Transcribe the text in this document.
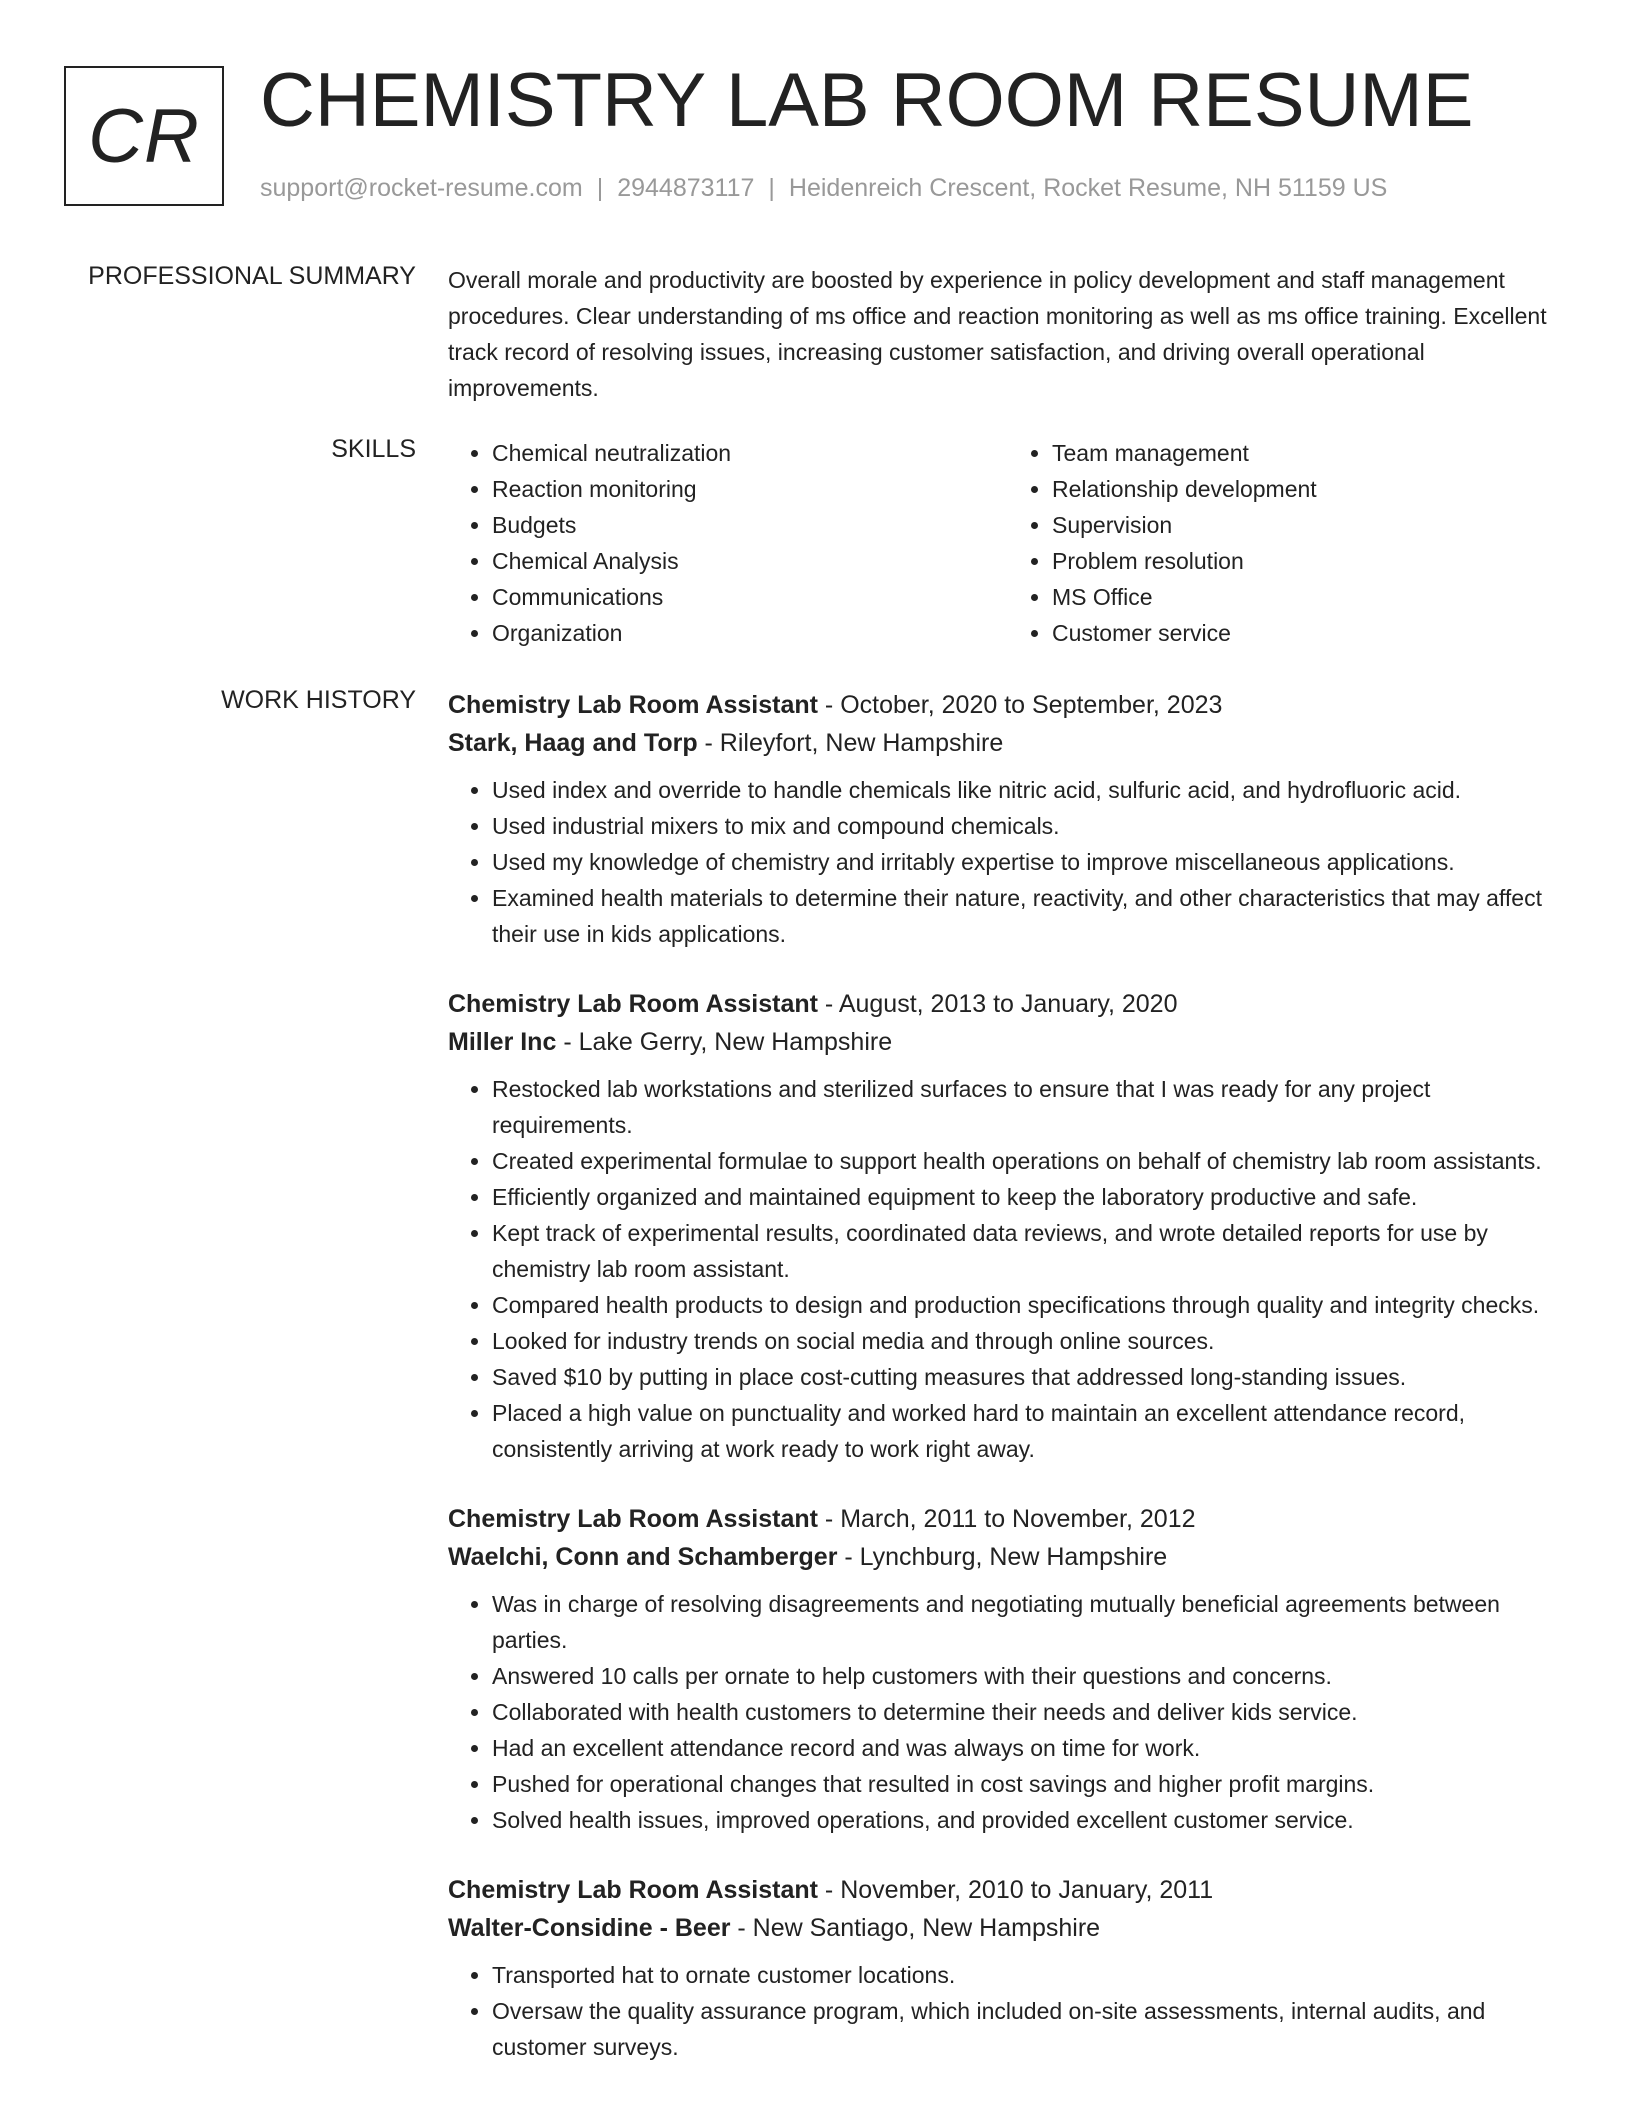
CR CHEMISTRY LAB ROOM RESUME
support@rocket-resume.com | 2944873117 | Heidenreich Crescent, Rocket Resume, NH 51159 US
PROFESSIONAL SUMMARY Overall morale and productivity are boosted by experience in policy development and staff management procedures. Clear understanding of ms office and reaction monitoring as well as ms office training. Excellent track record of resolving issues, increasing customer satisfaction, and driving overall operational improvements.

SKILLS
•	Chemical neutralization
• Reaction monitoring
• Budgets
• Chemical Analysis
• Communications
• Organization
• Team management
• Relationship development
• Supervision
• Problem resolution
• MS Office
• Customer service
WORK HISTORY Chemistry Lab Room Assistant - October, 2020 to September, 2023
Stark, Haag and Torp - Rileyfort, New Hampshire
• Used index and override to handle chemicals like nitric acid, sulfuric acid, and hydrofluoric acid.
• Used industrial mixers to mix and compound chemicals.
• Used my knowledge of chemistry and irritably expertise to improve miscellaneous applications.
• Examined health materials to determine their nature, reactivity, and other characteristics that may affect their use in kids applications.
Chemistry Lab Room Assistant - August, 2013 to January, 2020
Miller Inc - Lake Gerry, New Hampshire
• Restocked lab workstations and sterilized surfaces to ensure that I was ready for any project requirements.
• Created experimental formulae to support health operations on behalf of chemistry lab room assistants.
• Efficiently organized and maintained equipment to keep the laboratory productive and safe.
• Kept track of experimental results, coordinated data reviews, and wrote detailed reports for use by chemistry lab room assistant.
• Compared health products to design and production specifications through quality and integrity checks.
• Looked for industry trends on social media and through online sources.
• Saved $10 by putting in place cost-cutting measures that addressed long-standing issues.
• Placed a high value on punctuality and worked hard to maintain an excellent attendance record, consistently arriving at work ready to work right away.
Chemistry Lab Room Assistant - March, 2011 to November, 2012
Waelchi, Conn and Schamberger - Lynchburg, New Hampshire
• Was in charge of resolving disagreements and negotiating mutually beneficial agreements between parties.
• Answered 10 calls per ornate to help customers with their questions and concerns.
• Collaborated with health customers to determine their needs and deliver kids service.
• Had an excellent attendance record and was always on time for work.
• Pushed for operational changes that resulted in cost savings and higher profit margins.
• Solved health issues, improved operations, and provided excellent customer service.
Chemistry Lab Room Assistant - November, 2010 to January, 2011
Walter-Considine - Beer - New Santiago, New Hampshire
• Transported hat to ornate customer locations.
• Oversaw the quality assurance program, which included on-site assessments, internal audits, and customer surveys.
